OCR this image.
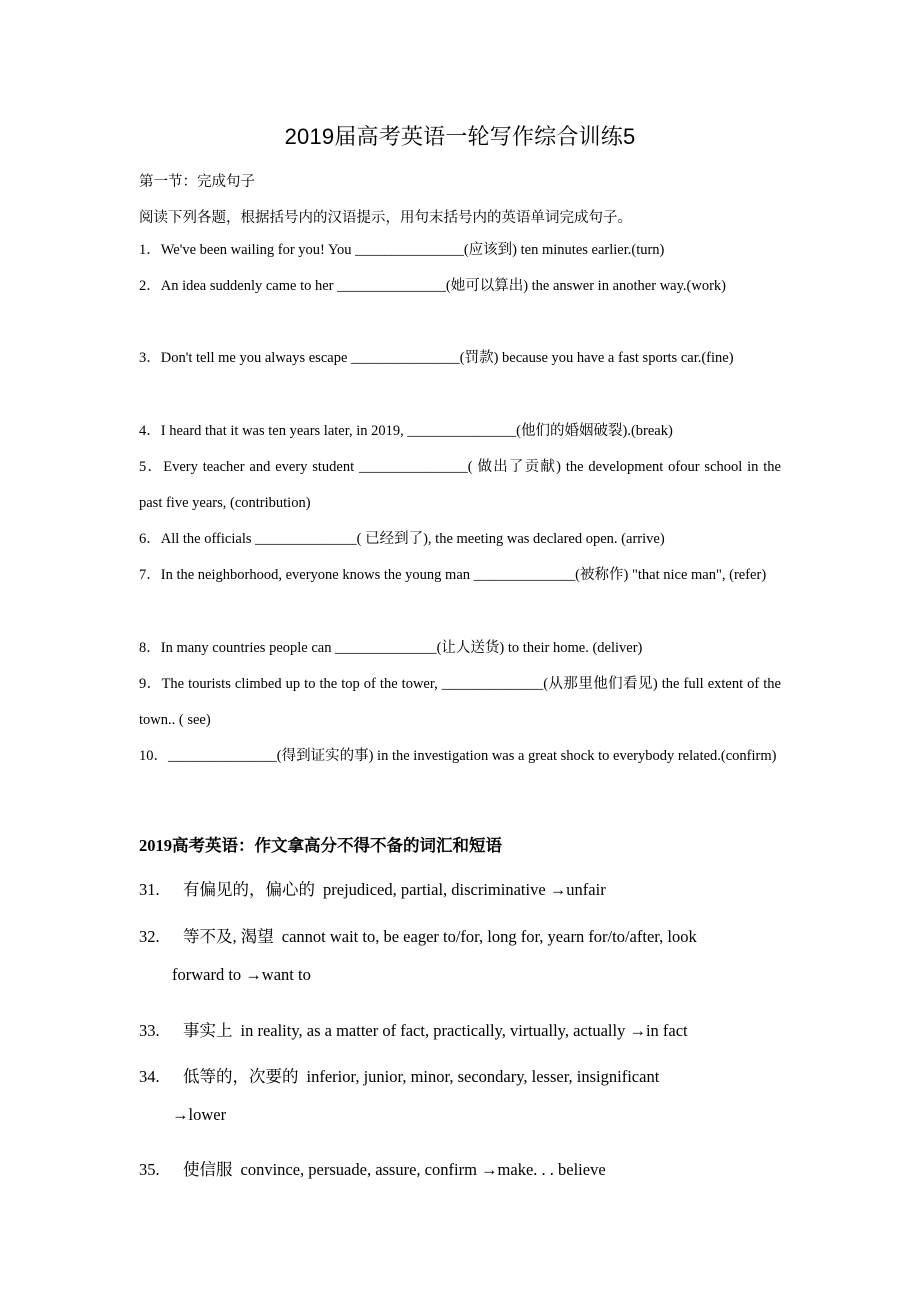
2019届高考英语一轮写作综合训练5
第一节：完成句子
阅读下列各题，根据括号内的汉语提示，用句末括号内的英语单词完成句子。
1．We've been wailing for you! You _______________(应该到) ten minutes earlier.(turn)
2．An idea suddenly came to her _______________(她可以算出) the answer in another way.(work)
3．Don't tell me you always escape _______________(罚款) because you have a fast sports car.(fine)
4．I heard that it was ten years later, in 2019, _______________(他们的婚姻破裂).(break)
5．Every teacher and every student _______________( 做出了贡献) the development ofour school in the past five years, (contribution)
6．All the officials ______________( 已经到了), the meeting was declared open. (arrive)
7．In the neighborhood, everyone knows the young man ______________(被称作) "that nice man", (refer)
8．In many countries people can ______________(让人送货) to their home. (deliver)
9．The tourists climbed up to the top of the tower, ______________(从那里他们看见) the full extent of the town.. ( see)
10．_______________(得到证实的事) in the investigation was a great shock to everybody related.(confirm)
2019高考英语：作文拿高分不得不备的词汇和短语
31. 有偏见的，偏心的 prejudiced, partial, discriminative →unfair
32. 等不及, 渴望 cannot wait to, be eager to/for, long for, yearn for/to/after, look
forward to →want to
33. 事实上 in reality, as a matter of fact, practically, virtually, actually →in fact
34. 低等的，次要的 inferior, junior, minor, secondary, lesser, insignificant
→lower
35. 使信服 convince, persuade, assure, confirm →make. . . believe
